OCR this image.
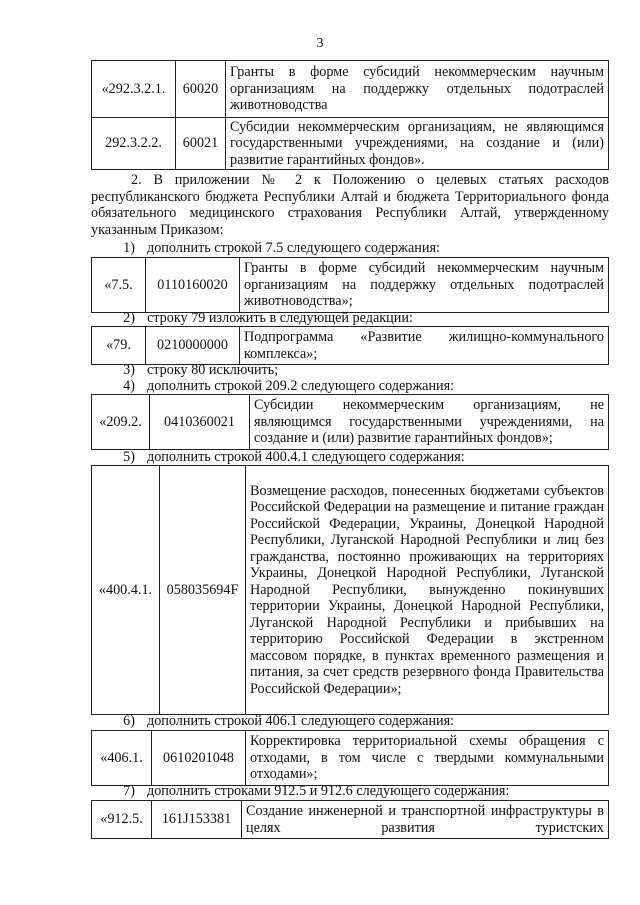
3
«292.3.2.1.	60020	Гранты в форме субсидий некоммерческим научным организациям на поддержку отдельных подотраслей животноводства
292.3.2.2.	60021	Субсидии некоммерческим организациям, не являющимся государственными учреждениями, на создание и (или) развитие гарантийных фондов».
2. В приложении № 2 к Положению о целевых статьях расходов республиканского бюджета Республики Алтай и бюджета Территориального фонда обязательного медицинского страхования Республики Алтай, утвержденному указанным Приказом:
1) дополнить строкой 7.5 следующего содержания:
«7.5.	0110160020	Гранты в форме субсидий некоммерческим научным организациям на поддержку отдельных подотраслей животноводства»;
2) строку 79 изложить в следующей редакции:
«79.	0210000000	Подпрограмма «Развитие жилищно-коммунального комплекса»;
3) строку 80 исключить;
4) дополнить строкой 209.2 следующего содержания:
«209.2.	0410360021	Субсидии некоммерческим организациям, не являющимся государственными учреждениями, на создание и (или) развитие гарантийных фондов»;
5) дополнить строкой 400.4.1 следующего содержания:
«400.4.1.	058035694F	Возмещение расходов, понесенных бюджетами субъектов Российской Федерации на размещение и питание граждан Российской Федерации, Украины, Донецкой Народной Республики, Луганской Народной Республики и лиц без гражданства, постоянно проживающих на территориях Украины, Донецкой Народной Республики, Луганской Народной Республики, вынужденно покинувших территории Украины, Донецкой Народной Республики, Луганской Народной Республики и прибывших на территорию Российской Федерации в экстренном массовом порядке, в пунктах временного размещения и питания, за счет средств резервного фонда Правительства Российской Федерации»;
6) дополнить строкой 406.1 следующего содержания:
«406.1.	0610201048	Корректировка территориальной схемы обращения с отходами, в том числе с твердыми коммунальными отходами»;
7) дополнить строками 912.5 и 912.6 следующего содержания:
«912.5.	161J153381	Создание инженерной и транспортной инфраструктуры в целях развития туристских
